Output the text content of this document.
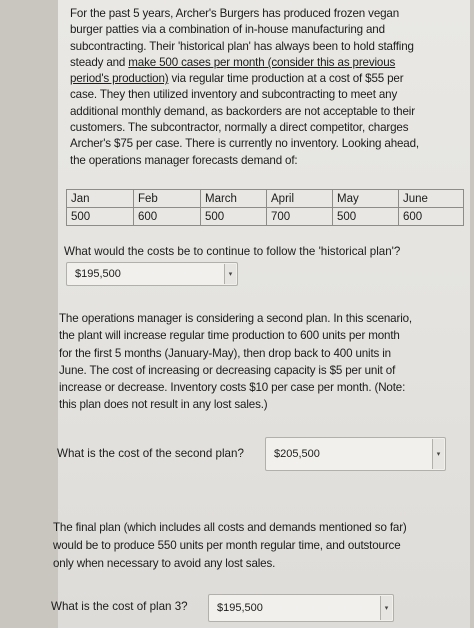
For the past 5 years, Archer's Burgers has produced frozen vegan
burger patties via a combination of in-house manufacturing and
subcontracting. Their 'historical plan' has always been to hold staffing
steady and make 500 cases per month (consider this as previous
period's production) via regular time production at a cost of $55 per
case. They then utilized inventory and subcontracting to meet any
additional monthly demand, as backorders are not acceptable to their
customers. The subcontractor, normally a direct competitor, charges
Archer's $75 per case. There is currently no inventory. Looking ahead,
the operations manager forecasts demand of:
Jan	Feb	March	April	May	June
500	600	500	700	500	600
What would the costs be to continue to follow the 'historical plan'?
$195,500	▾
The operations manager is considering a second plan. In this scenario,
the plant will increase regular time production to 600 units per month
for the first 5 months (January-May), then drop back to 400 units in
June. The cost of increasing or decreasing capacity is $5 per unit of
increase or decrease. Inventory costs $10 per case per month. (Note:
this plan does not result in any lost sales.)
What is the cost of the second plan?	$205,500	▾
The final plan (which includes all costs and demands mentioned so far)
would be to produce 550 units per month regular time, and outstource
only when necessary to avoid any lost sales.
What is the cost of plan 3?	$195,500	▾
